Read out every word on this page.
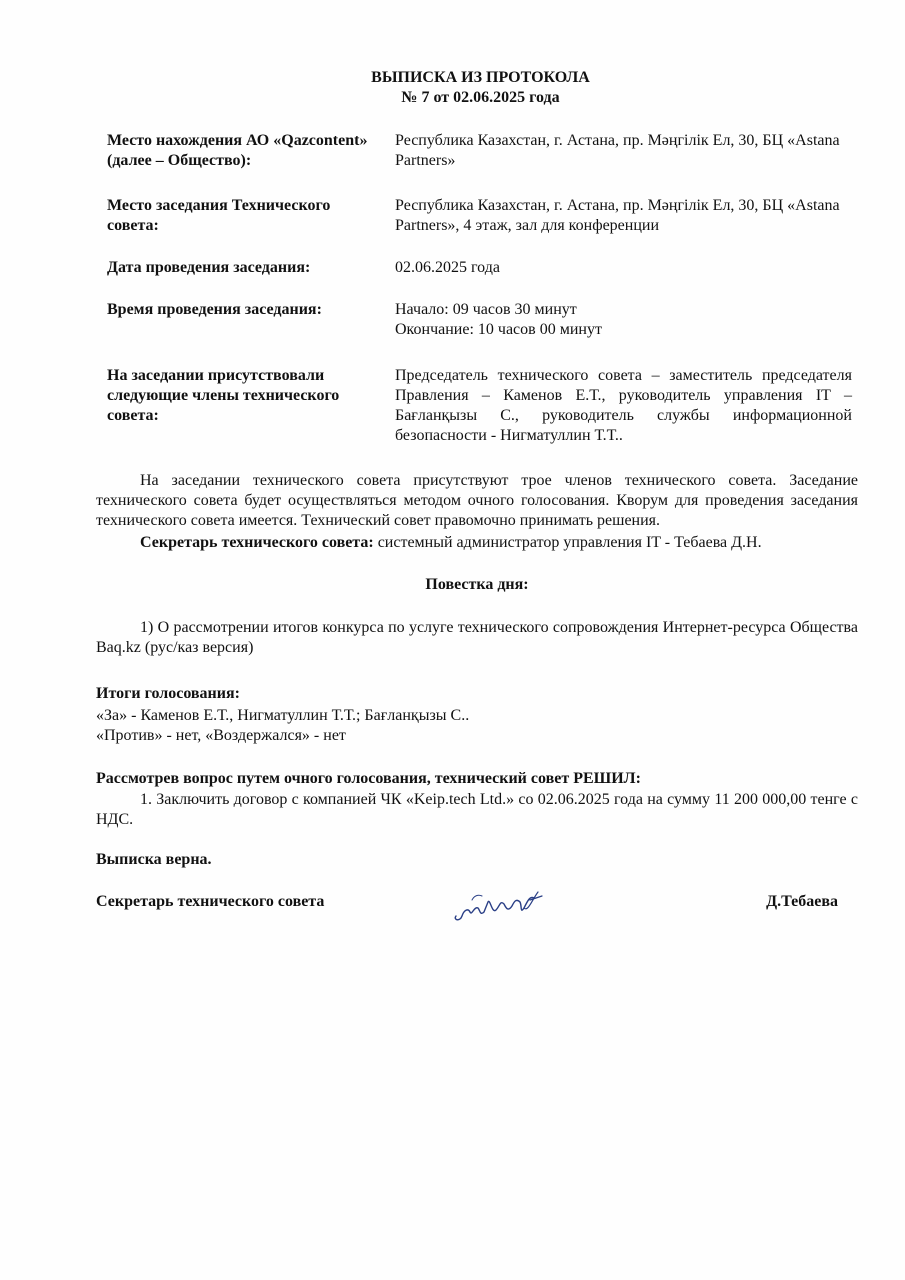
ВЫПИСКА ИЗ ПРОТОКОЛА
№ 7 от 02.06.2025 года
Место нахождения АО «Qazcontent» (далее – Общество):
Республика Казахстан, г. Астана, пр. Мәңгілік Ел, 30, БЦ «Astana Partners»
Место заседания Технического совета:
Республика Казахстан, г. Астана, пр. Мәңгілік Ел, 30, БЦ «Astana Partners», 4 этаж, зал для конференции
Дата проведения заседания:	02.06.2025 года
Время проведения заседания:	Начало: 09 часов 30 минут
Окончание: 10 часов 00 минут
На заседании присутствовали следующие члены технического совета:
Председатель технического совета – заместитель председателя Правления – Каменов Е.Т., руководитель управления IT – Бағланқызы С., руководитель службы информационной безопасности - Нигматуллин Т.Т..
На заседании технического совета присутствуют трое членов технического совета. Заседание технического совета будет осуществляться методом очного голосования. Кворум для проведения заседания технического совета имеется. Технический совет правомочно принимать решения.
Секретарь технического совета: системный администратор управления IT - Тебаева Д.Н.
Повестка дня:
1) О рассмотрении итогов конкурса по услуге технического сопровождения Интернет-ресурса Общества Baq.kz (рус/каз версия)
Итоги голосования:
«За» - Каменов Е.Т., Нигматуллин Т.Т.; Бағланқызы С..
«Против» - нет, «Воздержался» - нет
Рассмотрев вопрос путем очного голосования, технический совет РЕШИЛ:
1. Заключить договор с компанией ЧК «Keip.tech Ltd.» со 02.06.2025 года на сумму 11 200 000,00 тенге с НДС.
Выписка верна.
Секретарь технического совета	Д.Тебаева
